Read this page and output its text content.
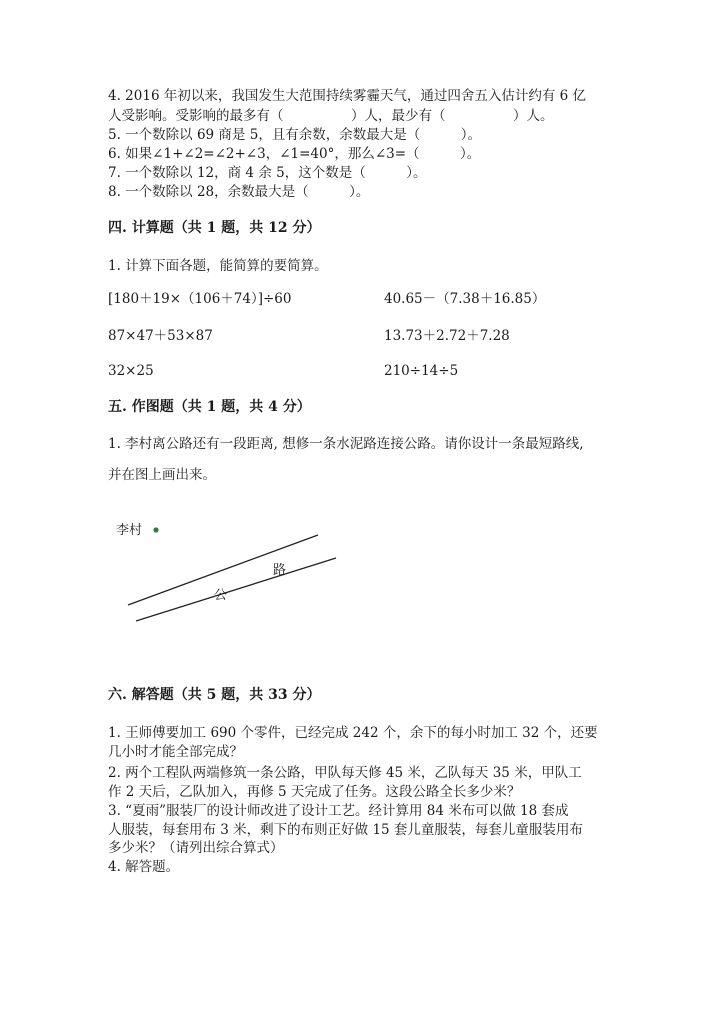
4. 2016 年初以来，我国发生大范围持续雾霾天气，通过四舍五入估计约有 6 亿
人受影响。受影响的最多有（　　　　　）人，最少有（　　　　　）人。
5. 一个数除以 69 商是 5，且有余数，余数最大是（　　　）。
6. 如果∠1+∠2=∠2+∠3，∠1=40°，那么∠3=（　　　）。
7. 一个数除以 12，商 4 余 5，这个数是（　　　）。
8. 一个数除以 28，余数最大是（　　　）。
四. 计算题（共 1 题，共 12 分）
1. 计算下面各题，能简算的要简算。
[180＋19×（106＋74）]÷60	40.65－（7.38＋16.85）
87×47＋53×87	13.73＋2.72＋7.28
32×25	210÷14÷5
五. 作图题（共 1 题，共 4 分）
1. 李村离公路还有一段距离, 想修一条水泥路连接公路。请你设计一条最短路线,
并在图上画出来。
李村
公
路
六. 解答题（共 5 题，共 33 分）
1. 王师傅要加工 690 个零件，已经完成 242 个，余下的每小时加工 32 个，还要
几小时才能全部完成？
2. 两个工程队两端修筑一条公路，甲队每天修 45 米，乙队每天 35 米，甲队工
作 2 天后，乙队加入，再修 5 天完成了任务。这段公路全长多少米？
3. “夏雨”服装厂的设计师改进了设计工艺。经计算用 84 米布可以做 18 套成
人服装，每套用布 3 米，剩下的布则正好做 15 套儿童服装，每套儿童服装用布
多少米？（请列出综合算式）
4. 解答题。
